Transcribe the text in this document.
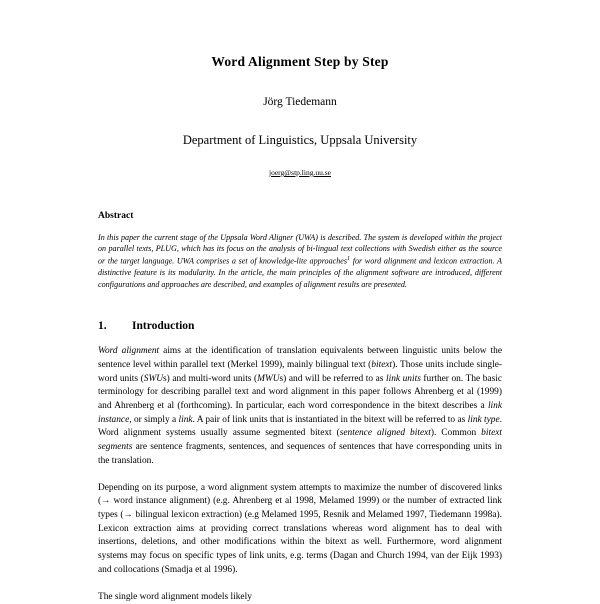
Word Alignment Step by Step
Jörg Tiedemann
Department of Linguistics, Uppsala University
joerg@stp.ling.uu.se
Abstract
In this paper the current stage of the Uppsala Word Aligner (UWA) is described. The system is developed within the project on parallel texts, PLUG, which has its focus on the analysis of bi-lingual text collections with Swedish either as the source or the target language. UWA comprises a set of knowledge-lite approaches$^1$ for word alignment and lexicon extraction. A distinctive feature is its modularity. In the article, the main principles of the alignment software are introduced, different configurations and approaches are described, and examples of alignment results are presented.
1.	Introduction

Word alignment aims at the identification of translation equivalents between linguistic units below the sentence level within parallel text (Merkel 1999), mainly bilingual text (bitext). Those units include single-word units (SWUs) and multi-word units (MWUs) and will be referred to as link units further on. The basic terminology for describing parallel text and word alignment in this paper follows Ahrenberg et al (1999) and Ahrenberg et al (forthcoming). In particular, each word correspondence in the bitext describes a link instance, or simply a link. A pair of link units that is instantiated in the bitext will be referred to as link type. Word alignment systems usually assume segmented bitext (sentence aligned bitext). Common bitext segments are sentence fragments, sentences, and sequences of sentences that have corresponding units in the translation.

Depending on its purpose, a word alignment system attempts to maximize the number of discovered links (→ word instance alignment) (e.g. Ahrenberg et al 1998, Melamed 1999) or the number of extracted link types (→ bilingual lexicon extraction) (e.g Melamed 1995, Resnik and Melamed 1997, Tiedemann 1998a). Lexicon extraction aims at providing correct translations whereas word alignment has to deal with insertions, deletions, and other modifications within the bitext as well. Furthermore, word alignment systems may focus on specific types of link units, e.g. terms (Dagan and Church 1994, van der Eijk 1993) and collocations (Smadja et al 1996).

The single word alignment models likely
